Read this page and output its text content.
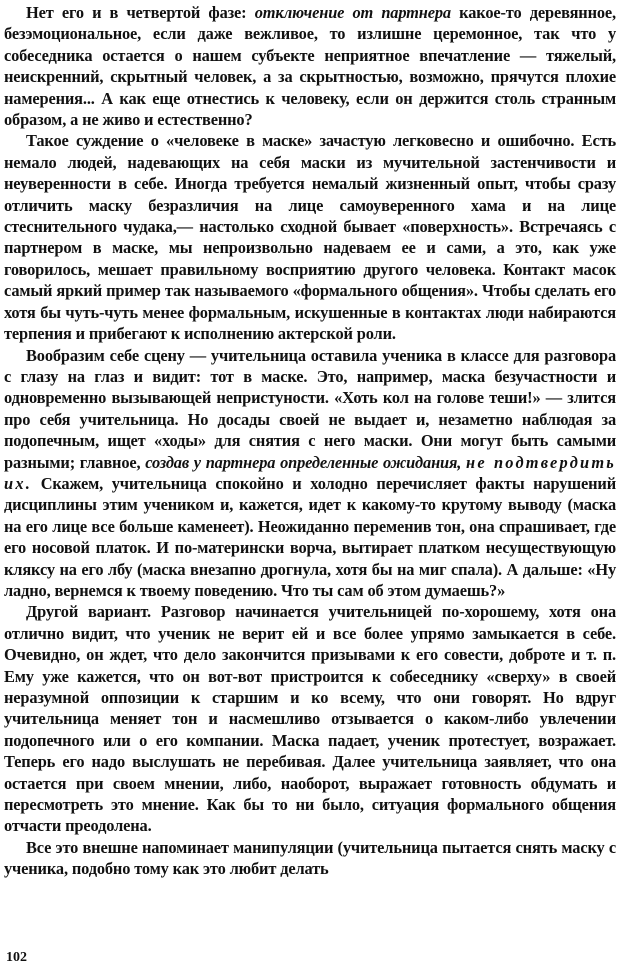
Нет его и в четвертой фазе: отключение от партнера какое-то деревянное, безэмоциональное, если даже вежливое, то излишне церемонное, так что у собеседника остается о нашем субъекте неприятное впечатление — тяжелый, неискренний, скрытный человек, а за скрытностью, возможно, прячутся плохие намерения... А как еще отнестись к человеку, если он держится столь странным образом, а не живо и естественно?

Такое суждение о «человеке в маске» зачастую легковесно и ошибочно. Есть немало людей, надевающих на себя маски из мучительной застенчивости и неуверенности в себе. Иногда требуется немалый жизненный опыт, чтобы сразу отличить маску безразличия на лице самоуверенного хама и на лице стеснительного чудака,— настолько сходной бывает «поверхность». Встречаясь с партнером в маске, мы непроизвольно надеваем ее и сами, а это, как уже говорилось, мешает правильному восприятию другого человека. Контакт масок самый яркий пример так называемого «формального общения». Чтобы сделать его хотя бы чуть-чуть менее формальным, искушенные в контактах люди набираются терпения и прибегают к исполнению актерской роли.

Вообразим себе сцену — учительница оставила ученика в классе для разговора с глазу на глаз и видит: тот в маске. Это, например, маска безучастности и одновременно вызывающей непристуности. «Хоть кол на голове теши!» — злится про себя учительница. Но досады своей не выдает и, незаметно наблюдая за подопечным, ищет «ходы» для снятия с него маски. Они могут быть самыми разными; главное, создав у партнера определенные ожидания, не подтвердить их. Скажем, учительница спокойно и холодно перечисляет факты нарушений дисциплины этим учеником и, кажется, идет к какому-то крутому выводу (маска на его лице все больше каменеет). Неожиданно переменив тон, она спрашивает, где его носовой платок. И по-матерински ворча, вытирает платком несуществующую кляксу на его лбу (маска внезапно дрогнула, хотя бы на миг спала). А дальше: «Ну ладно, вернемся к твоему поведению. Что ты сам об этом думаешь?»

Другой вариант. Разговор начинается учительницей по-хорошему, хотя она отлично видит, что ученик не верит ей и все более упрямо замыкается в себе. Очевидно, он ждет, что дело закончится призывами к его совести, доброте и т. п. Ему уже кажется, что он вот-вот пристроится к собеседнику «сверху» в своей неразумной оппозиции к старшим и ко всему, что они говорят. Но вдруг учительница меняет тон и насмешливо отзывается о каком-либо увлечении подопечного или о его компании. Маска падает, ученик протестует, возражает. Теперь его надо выслушать не перебивая. Далее учительница заявляет, что она остается при своем мнении, либо, наоборот, выражает готовность обдумать и пересмотреть это мнение. Как бы то ни было, ситуация формального общения отчасти преодолена.

Все это внешне напоминает манипуляции (учительница пытается снять маску с ученика, подобно тому как это любит делать

102
